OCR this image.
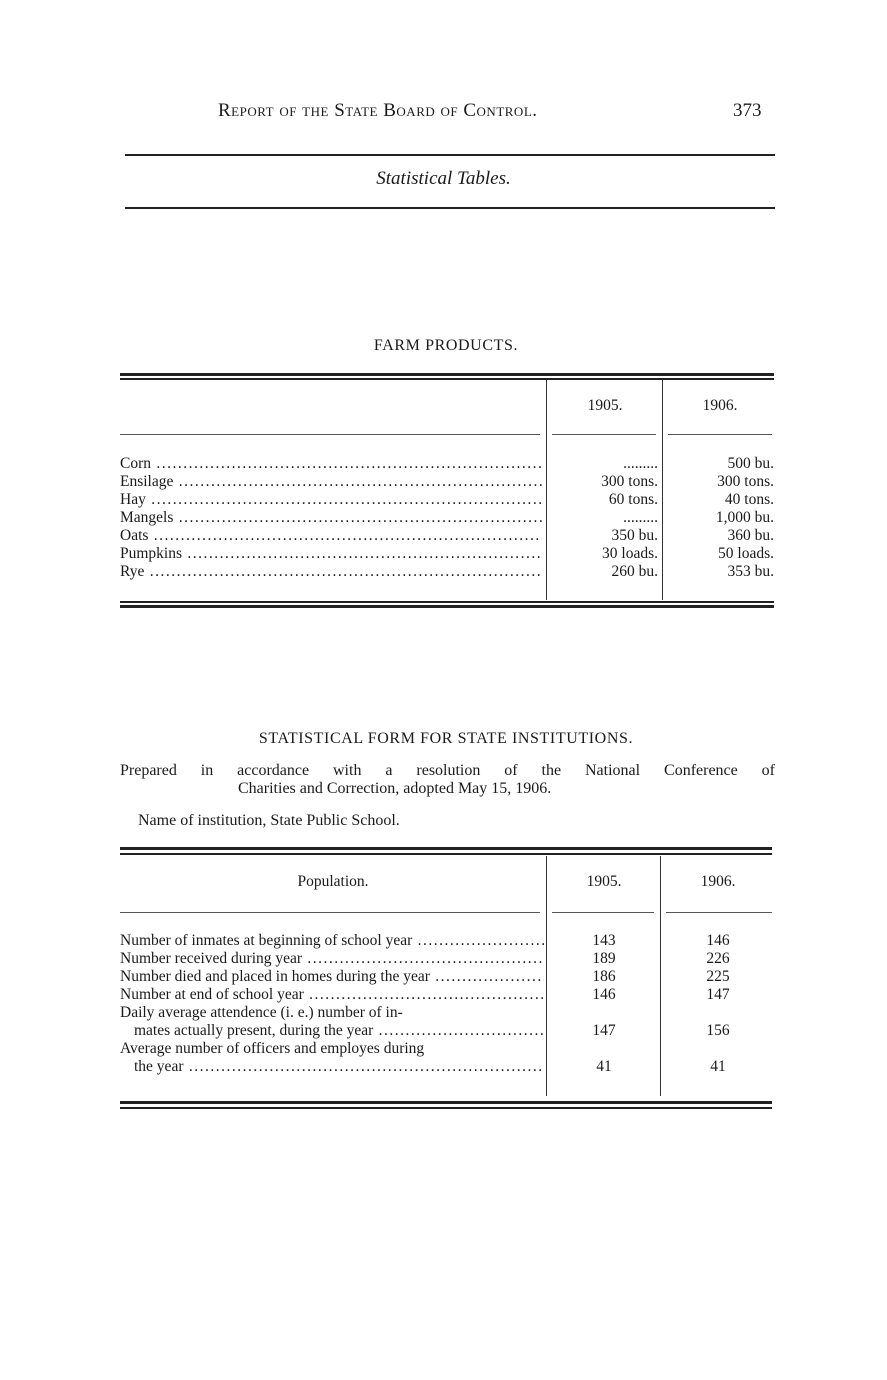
Report of the State Board of Control.	373
Statistical Tables.
FARM PRODUCTS.
1905.	1906.
Corn .....	.........	500 bu.
Ensilage .....	300 tons.	300 tons.
Hay .....	60 tons.	40 tons.
Mangels .....	.........	1,000 bu.
Oats .....	350 bu.	360 bu.
Pumpkins .....	30 loads.	50 loads.
Rye .....	260 bu.	353 bu.
STATISTICAL FORM FOR STATE INSTITUTIONS.
Prepared in accordance with a resolution of the National Conference of
Charities and Correction, adopted May 15, 1906.
Name of institution, State Public School.
Population.	1905.	1906.
Number of inmates at beginning of school year .....	143	146
Number received during year .....	189	226
Number died and placed in homes during the year .....	186	225
Number at end of school year .....	146	147
Daily average attendence (i. e.) number of in-
mates actually present, during the year .....	147	156
Average number of officers and employes during
the year .....	41	41
